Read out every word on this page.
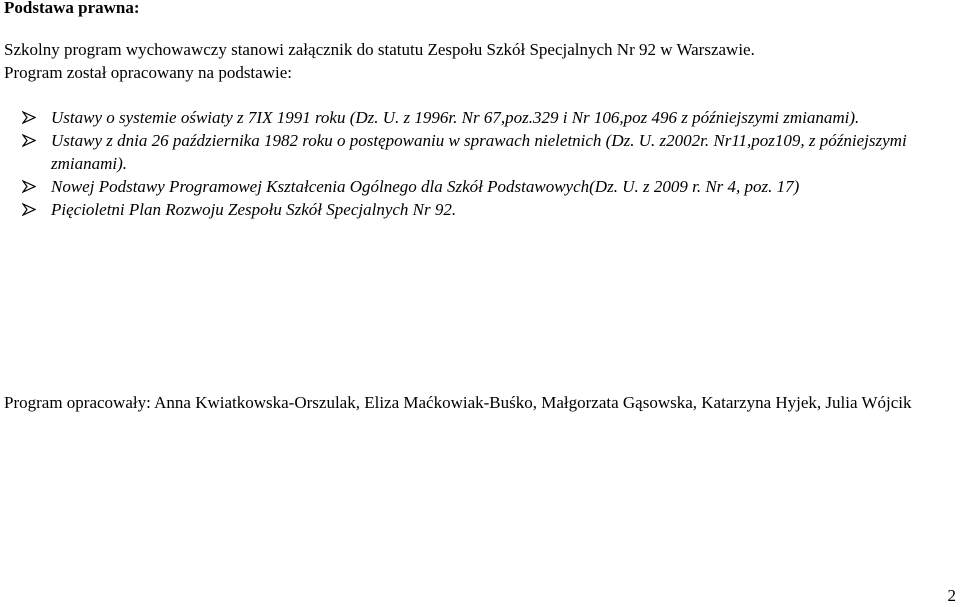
Podstawa prawna:

Szkolny program wychowawczy stanowi załącznik do statutu Zespołu Szkół Specjalnych Nr 92 w Warszawie.

Program został opracowany na podstawie:

Ustawy o systemie oświaty z 7IX 1991 roku (Dz. U. z 1996r. Nr 67,poz.329 i Nr 106,poz 496 z późniejszymi zmianami).
Ustawy z dnia 26 października 1982 roku o postępowaniu w sprawach nieletnich (Dz. U. z2002r. Nr11,poz109, z późniejszymi zmianami).
Nowej Podstawy Programowej Kształcenia Ogólnego dla Szkół Podstawowych(Dz. U. z 2009 r. Nr 4, poz. 17)
Pięcioletni Plan Rozwoju Zespołu Szkół Specjalnych Nr 92.

Program opracowały: Anna Kwiatkowska-Orszulak, Eliza Maćkowiak-Buśko, Małgorzata Gąsowska, Katarzyna Hyjek, Julia Wójcik

2
